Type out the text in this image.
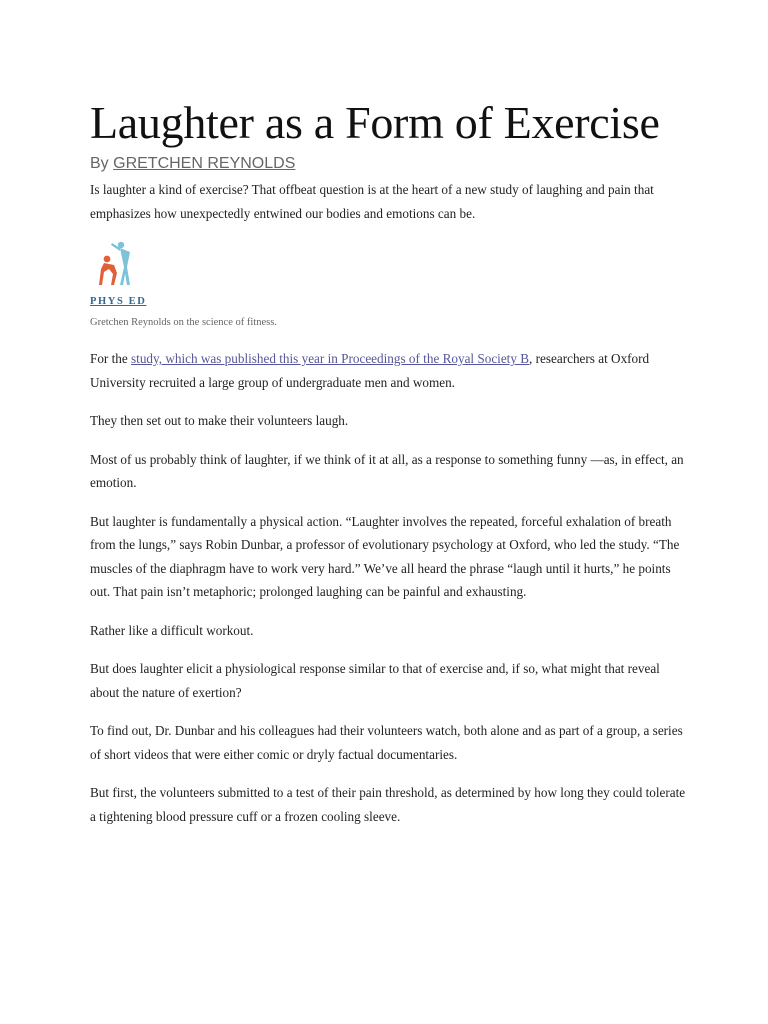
Laughter as a Form of Exercise
By GRETCHEN REYNOLDS

Is laughter a kind of exercise? That offbeat question is at the heart of a new study of laughing and pain that emphasizes how unexpectedly entwined our bodies and emotions can be.

PHYS ED
Gretchen Reynolds on the science of fitness.

For the study, which was published this year in Proceedings of the Royal Society B, researchers at Oxford University recruited a large group of undergraduate men and women.

They then set out to make their volunteers laugh.

Most of us probably think of laughter, if we think of it at all, as a response to something funny —as, in effect, an emotion.

But laughter is fundamentally a physical action. “Laughter involves the repeated, forceful exhalation of breath from the lungs,” says Robin Dunbar, a professor of evolutionary psychology at Oxford, who led the study. “The muscles of the diaphragm have to work very hard.” We’ve all heard the phrase “laugh until it hurts,” he points out. That pain isn’t metaphoric; prolonged laughing can be painful and exhausting.

Rather like a difficult workout.

But does laughter elicit a physiological response similar to that of exercise and, if so, what might that reveal about the nature of exertion?

To find out, Dr. Dunbar and his colleagues had their volunteers watch, both alone and as part of a group, a series of short videos that were either comic or dryly factual documentaries.

But first, the volunteers submitted to a test of their pain threshold, as determined by how long they could tolerate a tightening blood pressure cuff or a frozen cooling sleeve.
